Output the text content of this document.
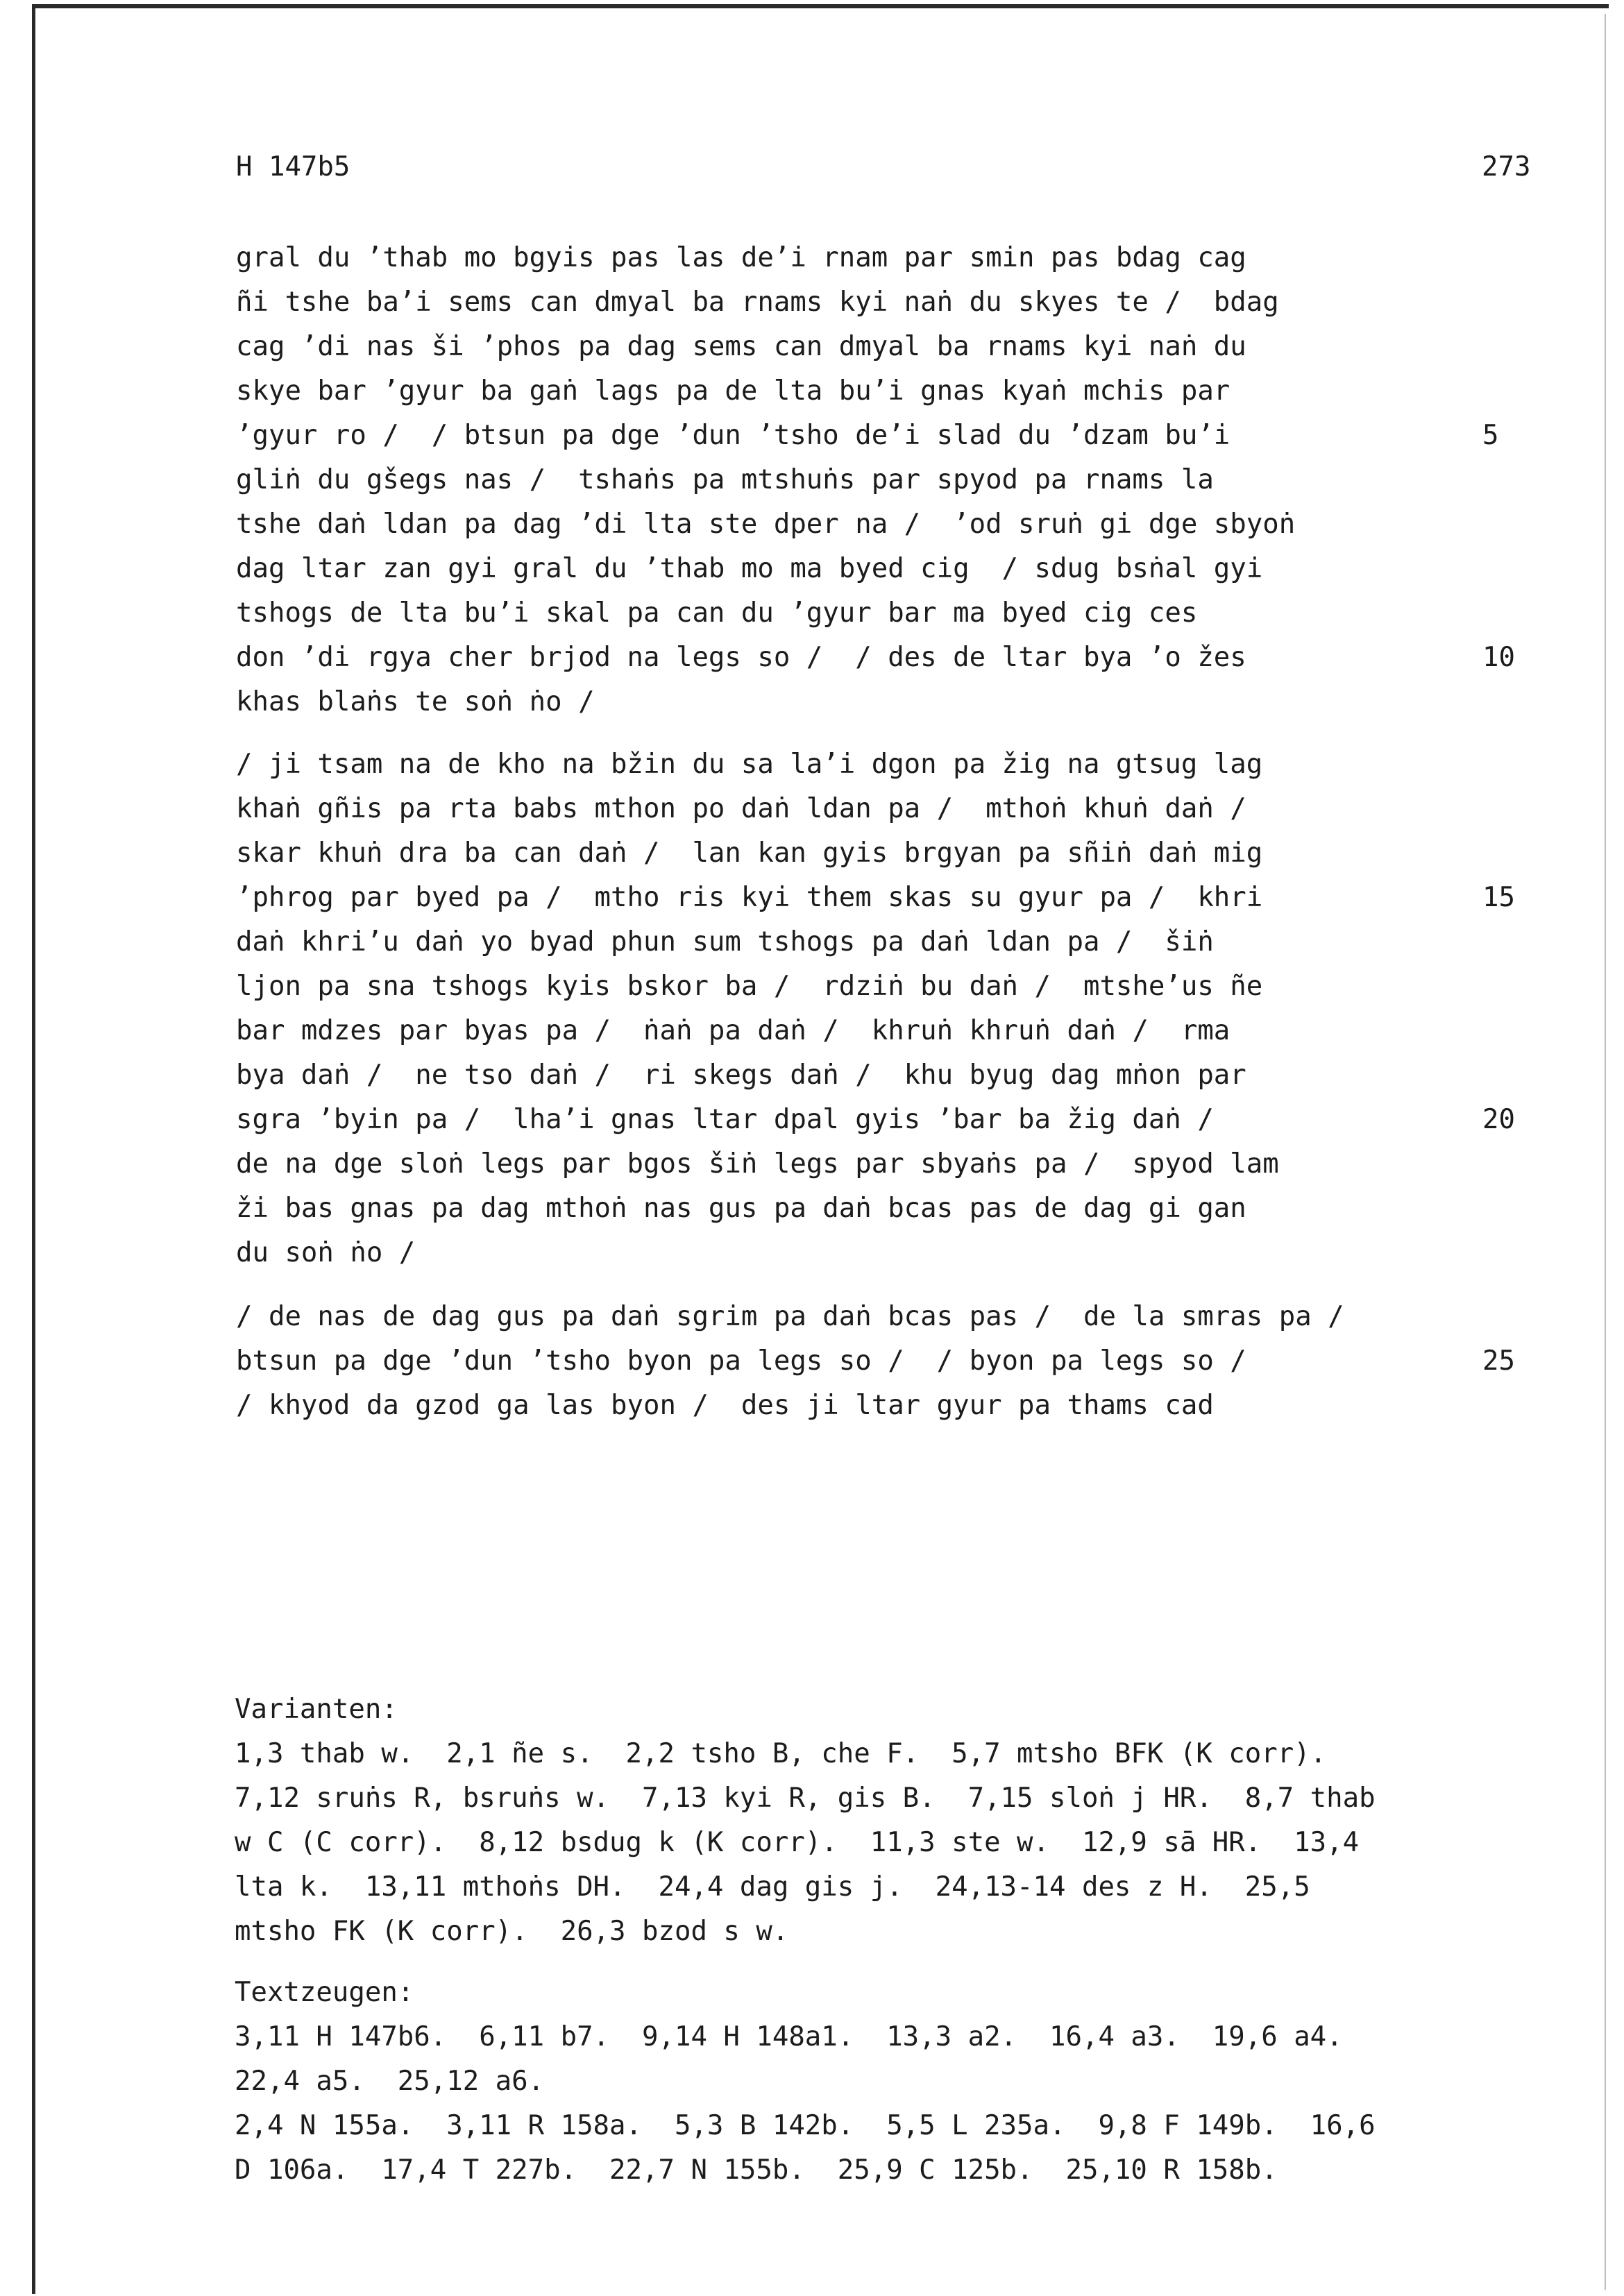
H 147b5	273
gral du ’thab mo bgyis pas las de’i rnam par smin pas bdag cag
ñi tshe ba’i sems can dmyal ba rnams kyi naṅ du skyes te /  bdag
cag ’di nas ši ’phos pa dag sems can dmyal ba rnams kyi naṅ du
skye bar ’gyur ba gaṅ lags pa de lta bu’i gnas kyaṅ mchis par
’gyur ro /  / btsun pa dge ’dun ’tsho de’i slad du ’dzam bu’i	5
gliṅ du gšegs nas /  tshaṅs pa mtshuṅs par spyod pa rnams la
tshe daṅ ldan pa dag ’di lta ste dper na /  ’od sruṅ gi dge sbyoṅ
dag ltar zan gyi gral du ’thab mo ma byed cig  / sdug bsṅal gyi
tshogs de lta bu’i skal pa can du ’gyur bar ma byed cig ces
don ’di rgya cher brjod na legs so /  / des de ltar bya ’o žes	10
khas blaṅs te soṅ ṅo /
/ ji tsam na de kho na bžin du sa la’i dgon pa žig na gtsug lag
khaṅ gñis pa rta babs mthon po daṅ ldan pa /  mthoṅ khuṅ daṅ /
skar khuṅ dra ba can daṅ /  lan kan gyis brgyan pa sñiṅ daṅ mig
’phrog par byed pa /  mtho ris kyi them skas su gyur pa /  khri	15
daṅ khri’u daṅ yo byad phun sum tshogs pa daṅ ldan pa /  šiṅ
ljon pa sna tshogs kyis bskor ba /  rdziṅ bu daṅ /  mtshe’us ñe
bar mdzes par byas pa /  ṅaṅ pa daṅ /  khruṅ khruṅ daṅ /  rma
bya daṅ /  ne tso daṅ /  ri skegs daṅ /  khu byug dag mṅon par
sgra ’byin pa /  lha’i gnas ltar dpal gyis ’bar ba žig daṅ /	20
de na dge sloṅ legs par bgos šiṅ legs par sbyaṅs pa /  spyod lam
ži bas gnas pa dag mthoṅ nas gus pa daṅ bcas pas de dag gi gan
du soṅ ṅo /
/ de nas de dag gus pa daṅ sgrim pa daṅ bcas pas /  de la smras pa /
btsun pa dge ’dun ’tsho byon pa legs so /  / byon pa legs so /	25
/ khyod da gzod ga las byon /  des ji ltar gyur pa thams cad
Varianten:
1,3 thab w.  2,1 ñe s.  2,2 tsho B, che F.  5,7 mtsho BFK (K corr).
7,12 sruṅs R, bsruṅs w.  7,13 kyi R, gis B.  7,15 sloṅ j HR.  8,7 thab
w C (C corr).  8,12 bsdug k (K corr).  11,3 ste w.  12,9 sā HR.  13,4
lta k.  13,11 mthoṅs DH.  24,4 dag gis j.  24,13-14 des z H.  25,5
mtsho FK (K corr).  26,3 bzod s w.
Textzeugen:
3,11 H 147b6.  6,11 b7.  9,14 H 148a1.  13,3 a2.  16,4 a3.  19,6 a4.
22,4 a5.  25,12 a6.
2,4 N 155a.  3,11 R 158a.  5,3 B 142b.  5,5 L 235a.  9,8 F 149b.  16,6
D 106a.  17,4 T 227b.  22,7 N 155b.  25,9 C 125b.  25,10 R 158b.
